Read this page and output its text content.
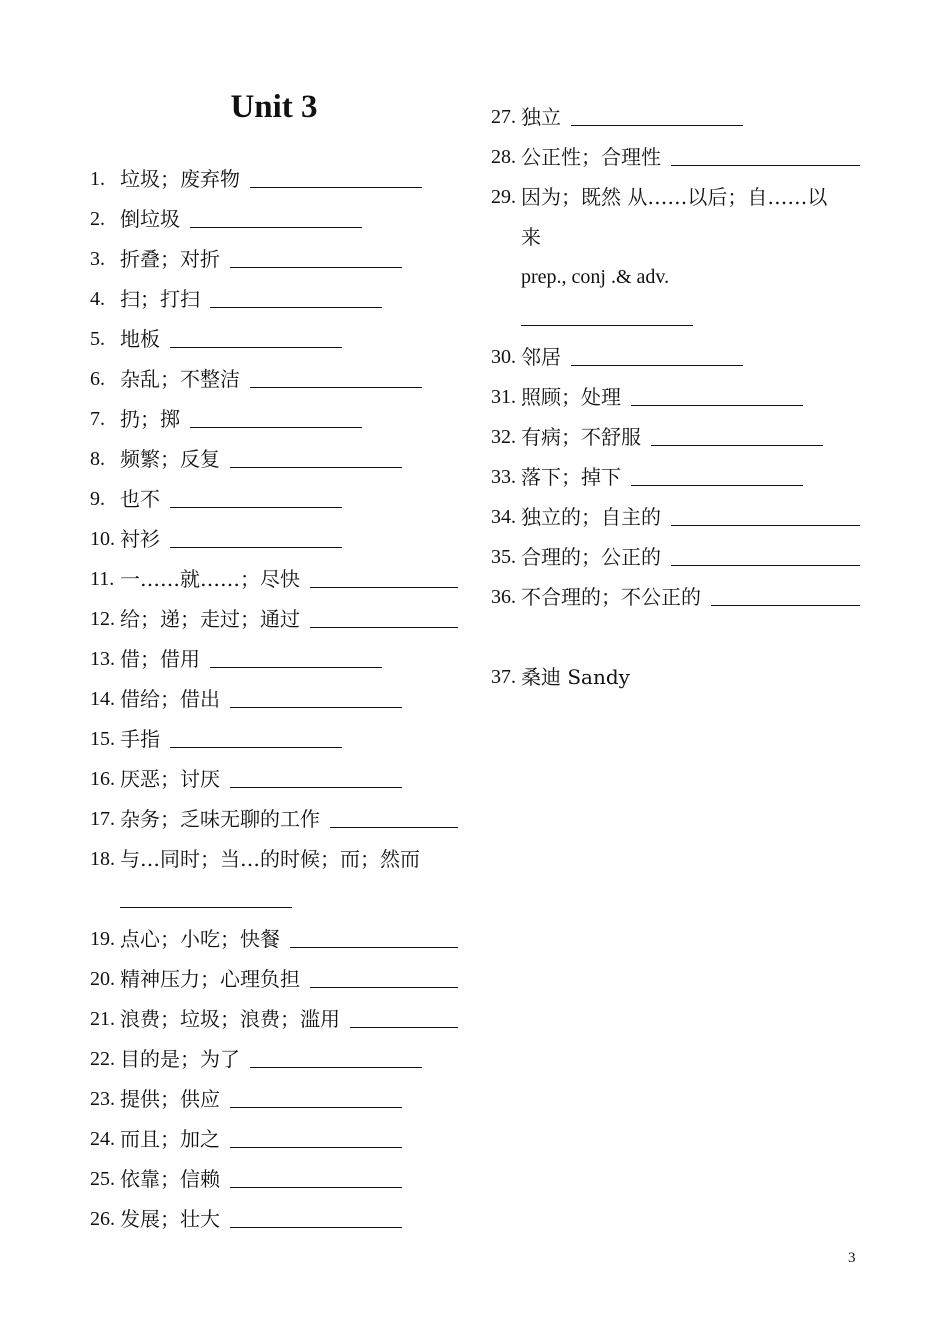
Unit 3
1. 垃圾；废弃物
2. 倒垃圾
3. 折叠；对折
4. 扫；打扫
5. 地板
6. 杂乱；不整洁
7. 扔；掷
8. 频繁；反复
9. 也不
10. 衬衫
11. 一……就……；尽快
12. 给；递；走过；通过
13. 借；借用
14. 借给；借出
15. 手指
16. 厌恶；讨厌
17. 杂务；乏味无聊的工作
18. 与…同时；当…的时候；而；然而
19. 点心；小吃；快餐
20. 精神压力；心理负担
21. 浪费；垃圾；浪费；滥用
22. 目的是；为了
23. 提供；供应
24. 而且；加之
25. 依靠；信赖
26. 发展；壮大
27. 独立
28. 公正性；合理性
29. 因为；既然 从……以后；自……以
来
prep., conj .& adv.
30. 邻居
31. 照顾；处理
32. 有病；不舒服
33. 落下；掉下
34. 独立的；自主的
35. 合理的；公正的
36. 不合理的；不公正的
37. 桑迪 Sandy
3
